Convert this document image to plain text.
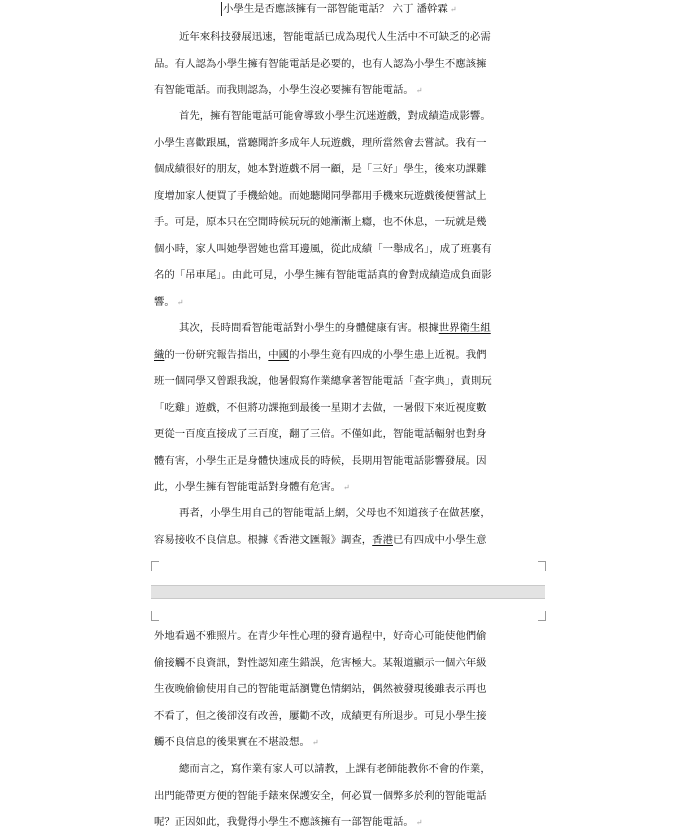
小學生是否應該擁有一部智能電話？ 六丁 潘幹霖 ↵
近年來科技發展迅速，智能電話已成為現代人生活中不可缺乏的必需
品。有人認為小學生擁有智能電話是必要的，也有人認為小學生不應該擁
有智能電話。而我則認為，小學生沒必要擁有智能電話。 ↵
首先，擁有智能電話可能會導致小學生沉迷遊戲，對成績造成影響。
小學生喜歡跟風，當聽聞許多成年人玩遊戲，理所當然會去嘗試。我有一
個成績很好的朋友，她本對遊戲不屑一顧，是「三好」學生，後來功課難
度增加家人便買了手機給她。而她聽聞同學都用手機來玩遊戲後便嘗試上
手。可是，原本只在空閒時候玩玩的她漸漸上癮，也不休息，一玩就是幾
個小時，家人叫她學習她也當耳邊風，從此成績「一舉成名」，成了班裏有
名的「吊車尾」。由此可見，小學生擁有智能電話真的會對成績造成負面影
響。 ↵
其次，長時間看智能電話對小學生的身體健康有害。根據世界衛生組
織的一份研究報告指出，中國的小學生竟有四成的小學生患上近視。我們
班一個同學又曾跟我說，他暑假寫作業總拿著智能電話「查字典」，責則玩
「吃雞」遊戲，不但將功課拖到最後一星期才去做，一暑假下來近視度數
更從一百度直接成了三百度，翻了三倍。不僅如此，智能電話輻射也對身
體有害，小學生正是身體快速成長的時候，長期用智能電話影響發展。因
此，小學生擁有智能電話對身體有危害。 ↵
再者，小學生用自己的智能電話上網，父母也不知道孩子在做甚麼，
容易接收不良信息。根據《香港文匯報》調查，香港已有四成中小學生意
外地看過不雅照片。在青少年性心理的發育過程中，好奇心可能使他們偷
偷接觸不良資訊，對性認知產生錯誤，危害極大。某報道顯示一個六年級
生夜晚偷偷使用自己的智能電話瀏覽色情網站，偶然被發現後雖表示再也
不看了，但之後卻沒有改善，屢勸不改，成績更有所退步。可見小學生接
觸不良信息的後果實在不堪設想。 ↵
總而言之，寫作業有家人可以請教，上課有老師能教你不會的作業，
出門能帶更方便的智能手錶來保護安全，何必買一個弊多於利的智能電話
呢？正因如此，我覺得小學生不應該擁有一部智能電話。 ↵
